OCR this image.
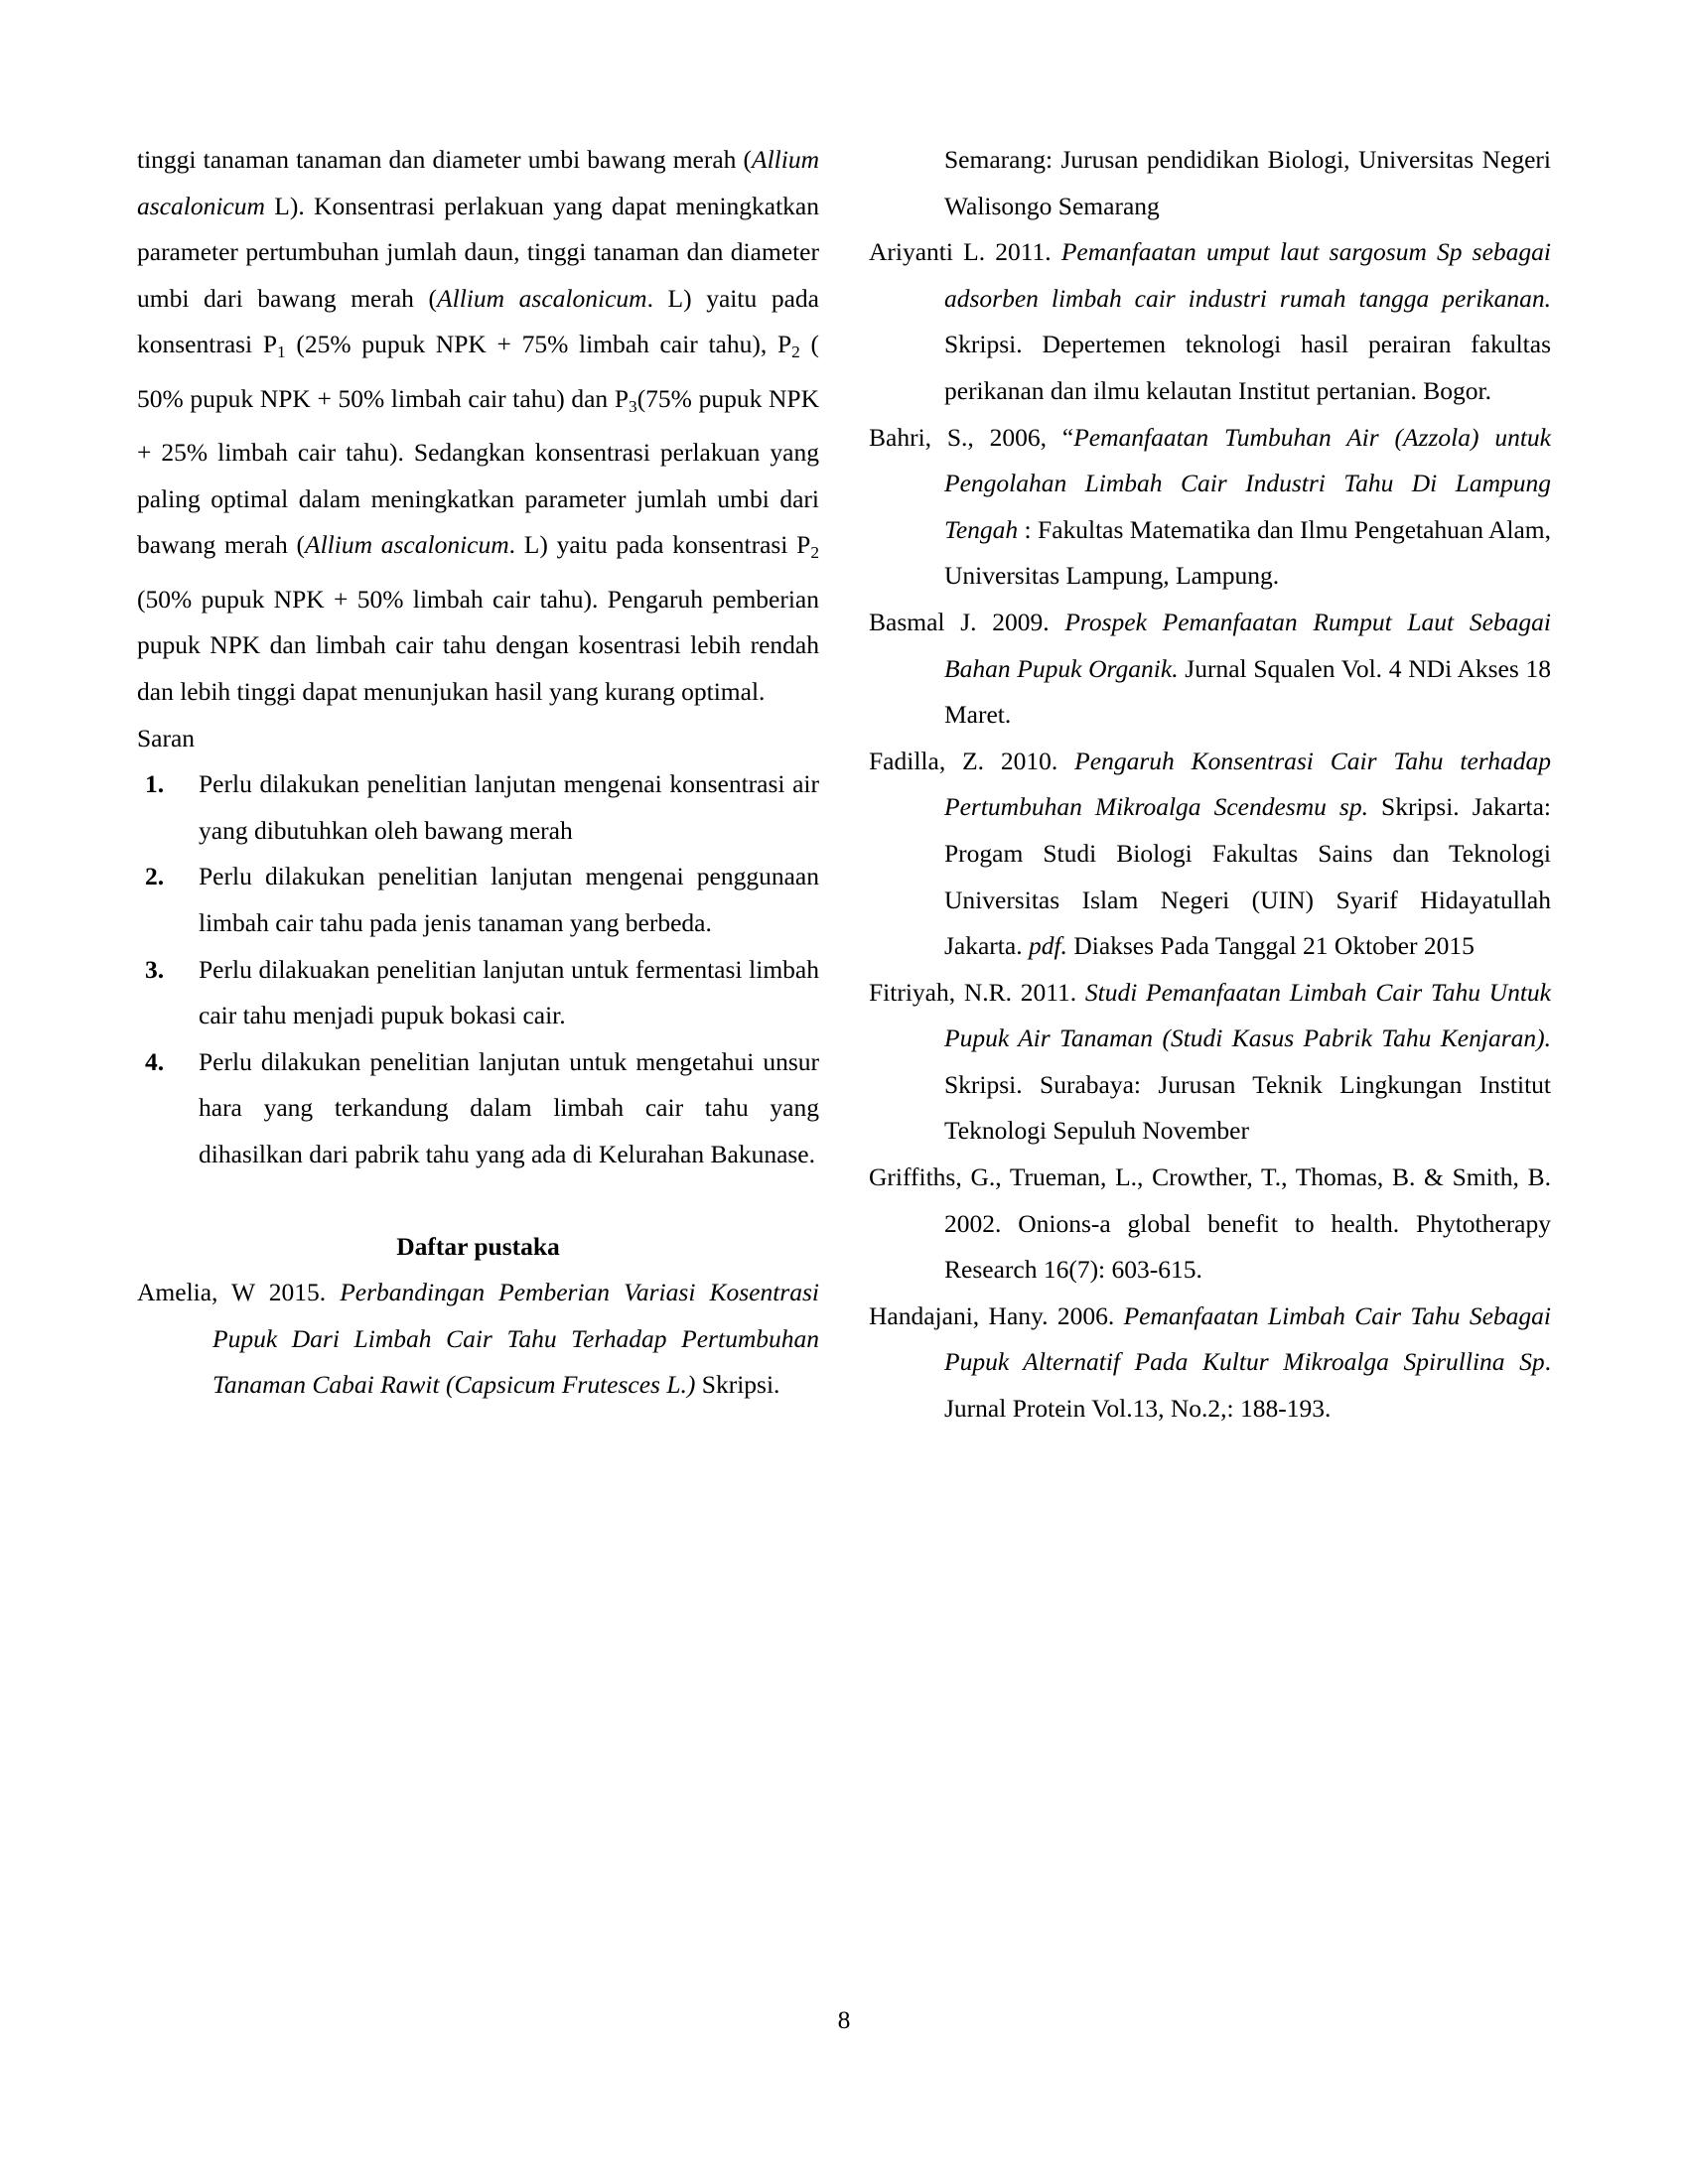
tinggi tanaman tanaman dan diameter umbi bawang merah (Allium ascalonicum L). Konsentrasi perlakuan yang dapat meningkatkan parameter pertumbuhan jumlah daun, tinggi tanaman dan diameter umbi dari bawang merah (Allium ascalonicum. L) yaitu pada konsentrasi $P_1$ (25% pupuk NPK + 75% limbah cair tahu), $P_2$ ( 50% pupuk NPK + 50% limbah cair tahu) dan $P_3(75\%$ pupuk NPK + 25% limbah cair tahu). Sedangkan konsentrasi perlakuan yang paling optimal dalam meningkatkan parameter jumlah umbi dari bawang merah (Allium ascalonicum. L) yaitu pada konsentrasi $P_2$ (50% pupuk NPK + 50% limbah cair tahu). Pengaruh pemberian pupuk NPK dan limbah cair tahu dengan kosentrasi lebih rendah dan lebih tinggi dapat menunjukan hasil yang kurang optimal.

Saran

Perlu dilakukan penelitian lanjutan mengenai konsentrasi air yang dibutuhkan oleh bawang merah
Perlu dilakukan penelitian lanjutan mengenai penggunaan limbah cair tahu pada jenis tanaman yang berbeda.
Perlu dilakuakan penelitian lanjutan untuk fermentasi limbah cair tahu menjadi pupuk bokasi cair.
Perlu dilakukan penelitian lanjutan untuk mengetahui unsur hara yang terkandung dalam limbah cair tahu yang dihasilkan dari pabrik tahu yang ada di Kelurahan Bakunase.

Daftar pustaka

Amelia, W 2015. Perbandingan Pemberian Variasi Kosentrasi Pupuk Dari Limbah Cair Tahu Terhadap Pertumbuhan Tanaman Cabai Rawit (Capsicum Frutesces L.) Skripsi.
Semarang: Jurusan pendidikan Biologi, Universitas Negeri Walisongo Semarang
Ariyanti L. 2011. Pemanfaatan umput laut sargosum Sp sebagai adsorben limbah cair industri rumah tangga perikanan. Skripsi. Depertemen teknologi hasil perairan fakultas perikanan dan ilmu kelautan Institut pertanian. Bogor.
Bahri, S., 2006, “Pemanfaatan Tumbuhan Air (Azzola) untuk Pengolahan Limbah Cair Industri Tahu Di Lampung Tengah : Fakultas Matematika dan Ilmu Pengetahuan Alam, Universitas Lampung, Lampung.
Basmal J. 2009. Prospek Pemanfaatan Rumput Laut Sebagai Bahan Pupuk Organik. Jurnal Squalen Vol. 4 NDi Akses 18 Maret.
Fadilla, Z. 2010. Pengaruh Konsentrasi Cair Tahu terhadap Pertumbuhan Mikroalga Scendesmu sp. Skripsi. Jakarta: Progam Studi Biologi Fakultas Sains dan Teknologi Universitas Islam Negeri (UIN) Syarif Hidayatullah Jakarta. pdf. Diakses Pada Tanggal 21 Oktober 2015
Fitriyah, N.R. 2011. Studi Pemanfaatan Limbah Cair Tahu Untuk Pupuk Air Tanaman (Studi Kasus Pabrik Tahu Kenjaran). Skripsi. Surabaya: Jurusan Teknik Lingkungan Institut Teknologi Sepuluh November
Griffiths, G., Trueman, L., Crowther, T., Thomas, B. & Smith, B. 2002. Onions-a global benefit to health. Phytotherapy Research 16(7): 603-615.
Handajani, Hany. 2006. Pemanfaatan Limbah Cair Tahu Sebagai Pupuk Alternatif Pada Kultur Mikroalga Spirullina Sp. Jurnal Protein Vol.13, No.2,: 188-193.
8
